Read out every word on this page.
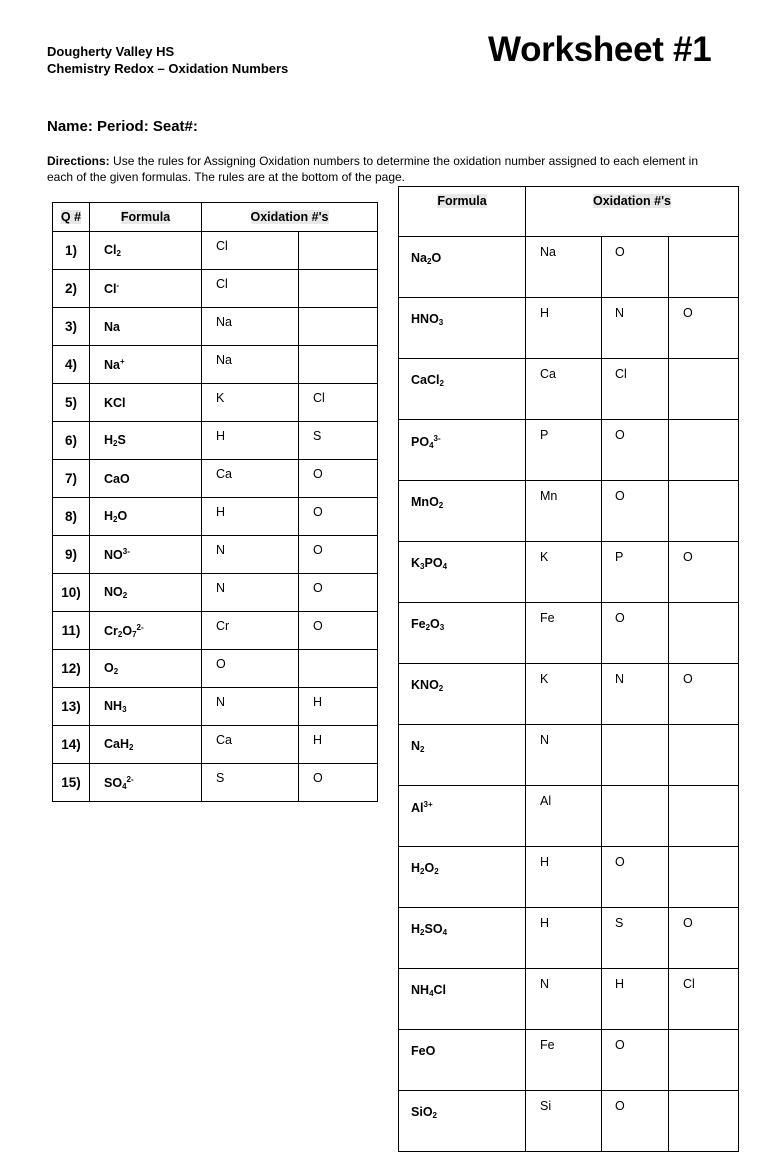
Dougherty Valley HS
Chemistry Redox – Oxidation Numbers	Worksheet #1
Name: Period: Seat#:
Directions: Use the rules for Assigning Oxidation numbers to determine the oxidation number assigned to each element in each of the given formulas. The rules are at the bottom of the page.
Q #	Formula	Oxidation #'s	
1)	$Cl_2$	Cl	
2)	Cl-	Cl	
3)	Na	Na	
4)	Na+	Na	
5)	KCl	K	Cl
6)	$H_2S$	H	S
7)	CaO	Ca	O
8)	$H_2O$	H	O
9)	$NO^{3-}$	N	O
10)	$NO_2$	N	O
11)	$Cr_2O_7^{2-}$	Cr	O
12)	$O_2$	O	
13)	$NH_3$	N	H
14)	CaH$_2$	Ca	H
15)	$SO_4^{2-}$	S	O
Formula	Oxidation #'s		
$Na_2O$	Na	O	
$HNO_3$	H	N	O
CaCl$_2$	Ca	Cl	
$PO_4^{3-}$	P	O	
MnO$_2$	Mn	O	
$K_3PO_4$	K	P	O
$Fe_2O_3$	Fe	O	
$KNO_2$	K	N	O
$N_2$	N		
$Al^{3+}$	Al		
$H_2O_2$	H	O	
$H_2SO_4$	H	S	O
$NH_4Cl$	N	H	Cl
FeO	Fe	O	
SiO$_2$	Si	O	
